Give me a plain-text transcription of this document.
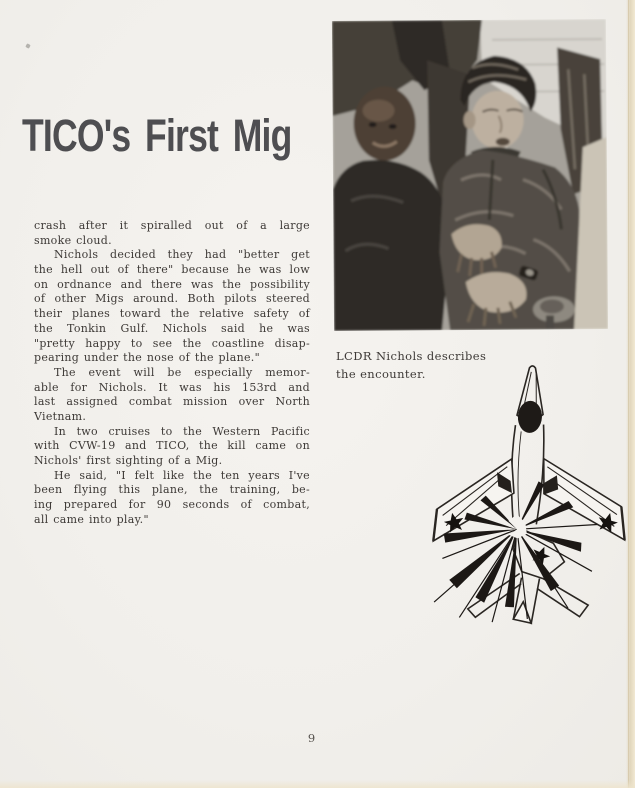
TICO's First Mig
crash after it spiralled out of a large
smoke cloud.
Nichols decided they had "better get
the hell out of there" because he was low
on ordnance and there was the possibility
of other Migs around. Both pilots steered
their planes toward the relative safety of
the Tonkin Gulf. Nichols said he was
"pretty happy to see the coastline disap-
pearing under the nose of the plane."
The event will be especially memor-
able for Nichols. It was his 153rd and
last assigned combat mission over North
Vietnam.
In two cruises to the Western Pacific
with CVW-19 and TICO, the kill came on
Nichols' first sighting of a Mig.
He said, "I felt like the ten years I've
been flying this plane, the training, be-
ing prepared for 90 seconds of combat,
all came into play."
LCDR Nichols describes
the encounter.
9
